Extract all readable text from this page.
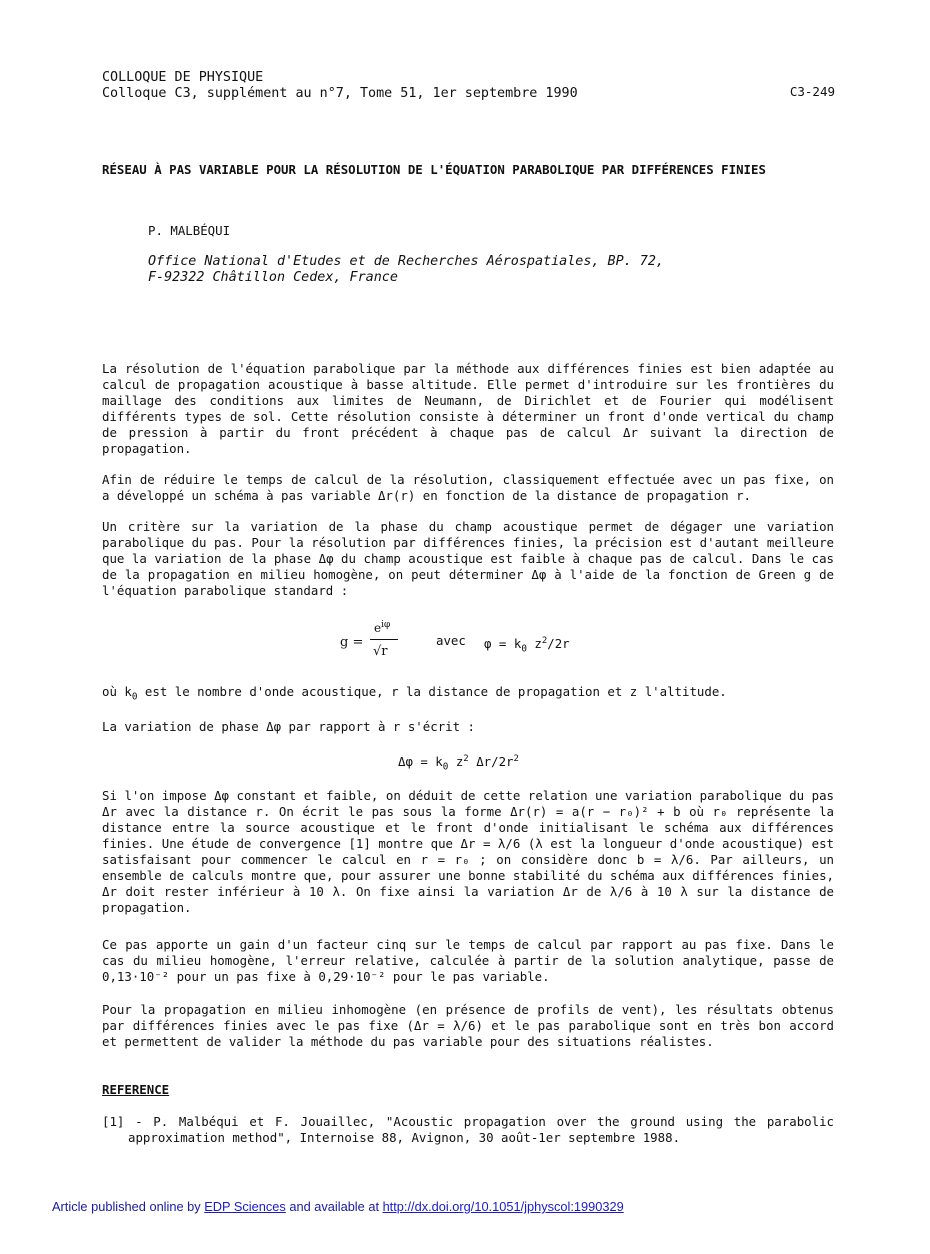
COLLOQUE DE PHYSIQUE
Colloque C3, supplément au n°7, Tome 51, 1er septembre 1990	C3-249
RÉSEAU À PAS VARIABLE POUR LA RÉSOLUTION DE L'ÉQUATION PARABOLIQUE PAR DIFFÉRENCES FINIES
P. MALBÉQUI
Office National d'Etudes et de Recherches Aérospatiales, BP. 72,
F-92322 Châtillon Cedex, France

La résolution de l'équation parabolique par la méthode aux différences finies est bien adaptée au calcul de propagation acoustique à basse altitude. Elle permet d'introduire sur les frontières du maillage des conditions aux limites de Neumann, de Dirichlet et de Fourier qui modélisent différents types de sol. Cette résolution consiste à déterminer un front d'onde vertical du champ de pression à partir du front précédent à chaque pas de calcul Δr suivant la direction de propagation.

Afin de réduire le temps de calcul de la résolution, classiquement effectuée avec un pas fixe, on a développé un schéma à pas variable Δr(r) en fonction de la distance de propagation r.

Un critère sur la variation de la phase du champ acoustique permet de dégager une variation parabolique du pas. Pour la résolution par différences finies, la précision est d'autant meilleure que la variation de la phase Δφ du champ acoustique est faible à chaque pas de calcul. Dans le cas de la propagation en milieu homogène, on peut déterminer Δφ à l'aide de la fonction de Green g de l'équation parabolique standard :

g =
$e^{i\varphi}$
√r
avec $\varphi = k_0$ $z^2/2r$

où $k_0$ est le nombre d'onde acoustique, r la distance de propagation et z l'altitude.

La variation de phase Δφ par rapport à r s'écrit :

$\Delta\varphi = k_0$ $z^2$ $\Delta r/2r^2$

Si l'on impose Δφ constant et faible, on déduit de cette relation une variation parabolique du pas Δr avec la distance r. On écrit le pas sous la forme Δr(r) = a(r − r₀)² + b où r₀ représente la distance entre la source acoustique et le front d'onde initialisant le schéma aux différences finies. Une étude de convergence [1] montre que Δr = λ/6 (λ est la longueur d'onde acoustique) est satisfaisant pour commencer le calcul en r = r₀ ; on considère donc b = λ/6. Par ailleurs, un ensemble de calculs montre que, pour assurer une bonne stabilité du schéma aux différences finies, Δr doit rester inférieur à 10 λ. On fixe ainsi la variation Δr de λ/6 à 10 λ sur la distance de propagation.

Ce pas apporte un gain d'un facteur cinq sur le temps de calcul par rapport au pas fixe. Dans le cas du milieu homogène, l'erreur relative, calculée à partir de la solution analytique, passe de 0,13·10⁻² pour un pas fixe à 0,29·10⁻² pour le pas variable.

Pour la propagation en milieu inhomogène (en présence de profils de vent), les résultats obtenus par différences finies avec le pas fixe (Δr = λ/6) et le pas parabolique sont en très bon accord et permettent de valider la méthode du pas variable pour des situations réalistes.

REFERENCE

[1] - P. Malbéqui et F. Jouaillec, "Acoustic propagation over the ground using the parabolic approximation method", Internoise 88, Avignon, 30 août-1er septembre 1988.

Article published online by EDP Sciences and available at http://dx.doi.org/10.1051/jphyscol:1990329
